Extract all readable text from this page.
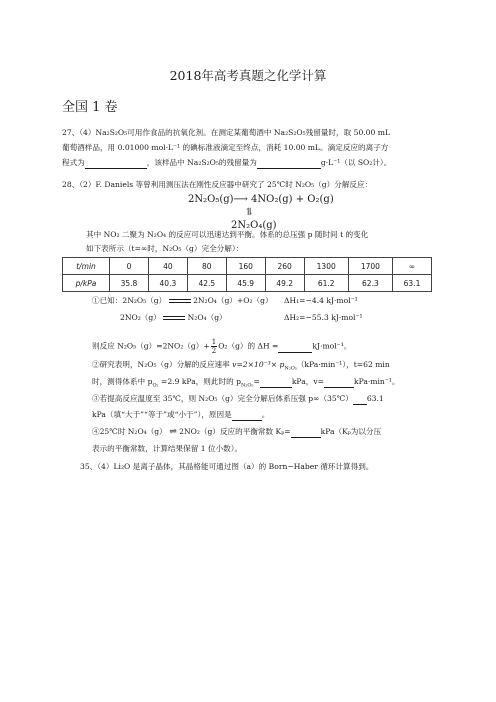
2018年高考真题之化学计算
全国 1 卷
27、（4）Na₂S₂O₅可用作食品的抗氧化剂。在测定某葡萄酒中 Na₂S₂O₅残留量时，取 50.00 mL
葡萄酒样品，用 0.01000 mol·L⁻¹ 的碘标准液滴定至终点，消耗 10.00 mL。滴定反应的离子方
程式为	，该样品中 Na₂S₂O₅的残留量为	g·L⁻¹（以 SO₂计）。
28、（2）F. Daniels 等曾利用测压法在刚性反应器中研究了 25℃时 N₂O₅（g）分解反应：
2N₂O₅(g)⟶ 4NO₂(g) + O₂(g)
⥮
2N₂O₄(g)
其中 NO₂ 二聚为 N₂O₄ 的反应可以迅速达到平衡。体系的总压强 p 随时间 t 的变化
如下表所示（t=∞时，N₂O₅（g）完全分解）：
t/min	0	40	80	160	260	1300	1700	∞
p/kPa	35.8	40.3	42.5	45.9	49.2	61.2	62.3	63.1
①已知：2N₂O₅（g）	2N₂O₄（g）+O₂（g） ΔH₁=−4.4 kJ·mol⁻¹
2NO₂（g）	N₂O₄（g）	ΔH₂=−55.3 kJ·mol⁻¹
则反应 $N_2O_5(g)=2NO_2(g)+ \frac{1}{2} O_2(g)$的 ΔH =	kJ·mol⁻¹。
②研究表明，N₂O₅（g）分解的反应速率 $v=2\times 10^{-3}\times p_{N_2O_5}(kPa\cdot\min^{-1})$，t=62 min
时，测得体系中 $p_{O_2} =2.9$ kPa，则此时的 $p_{N_2O_5}=$	kPa，v=	kPa·min⁻¹。
③若提高反应温度至 35℃，则 N₂O₅（g）完全分解后体系压强 p∞（35℃） 63.1
kPa（填“大于”“等于”或“小于”），原因是	。
④25℃时 N₂O₄（g） ⇌ 2NO₂（g）反应的平衡常数 Kₚ=	kPa（Kₚ为以分压
表示的平衡常数，计算结果保留 1 位小数）。
35、（4）Li₂O 是离子晶体，其晶格能可通过图（a）的 Born−Haber 循环计算得到。
